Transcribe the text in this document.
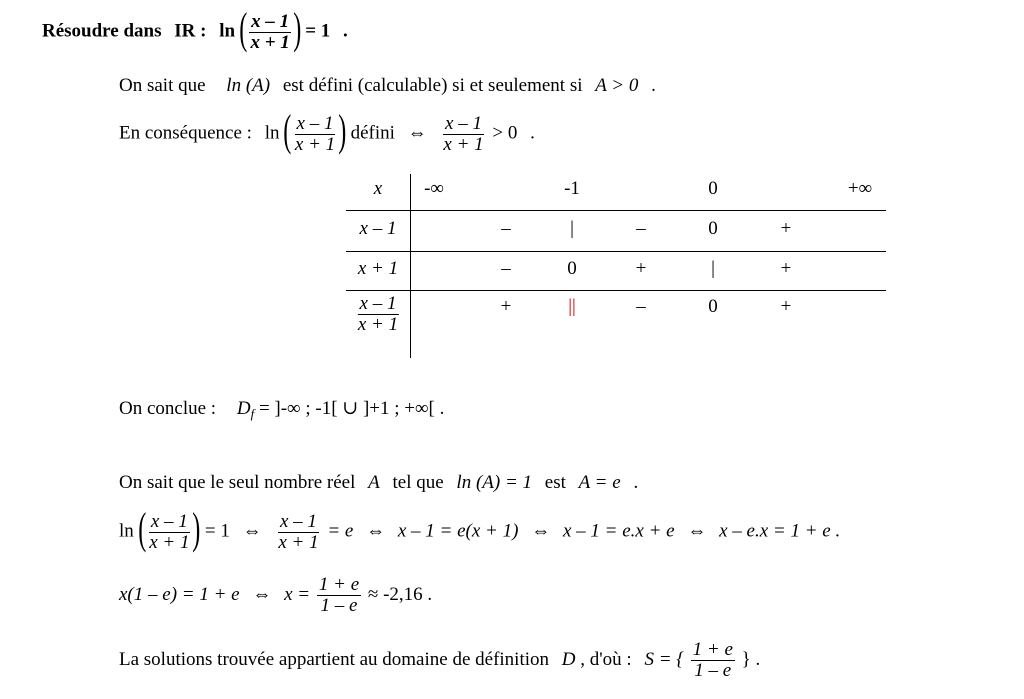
Résoudre dans IR : ln ( $\frac{x - 1}{x + 1}$ ) = 1 .
On sait que ln (A) est défini (calculable) si et seulement si A > 0 .
En conséquence : ln ( $\frac{x - 1}{x + 1}$ ) défini ⇔ $\frac{x - 1}{x + 1} > 0$ .
x -∞	-1	0	+∞
x – 1	–	|	–	0	+
x + 1	–	0	+	|	+
$\frac{x - 1}{x + 1}$	+	||	–	0	+
On conclue : $D_f$ = ]-∞ ; -1[ ∪ ]+1 ; +∞[ .
On sait que le seul nombre réel A tel que ln (A) = 1 est A = e .
ln ( $\frac{x - 1}{x + 1}$ ) = 1 ⇔ $\frac{x - 1}{x + 1} = e$ ⇔ x – 1 = e(x + 1) ⇔ x – 1 = e.x + e ⇔ x – e.x = 1 + e .
x(1 – e) = 1 + e ⇔ $x = \frac{1 + e}{1 - e} \approx -2,16$ .
La solutions trouvée appartient au domaine de définition D , d'où : S = { $\frac{1 + e}{1 - e}$ } .
